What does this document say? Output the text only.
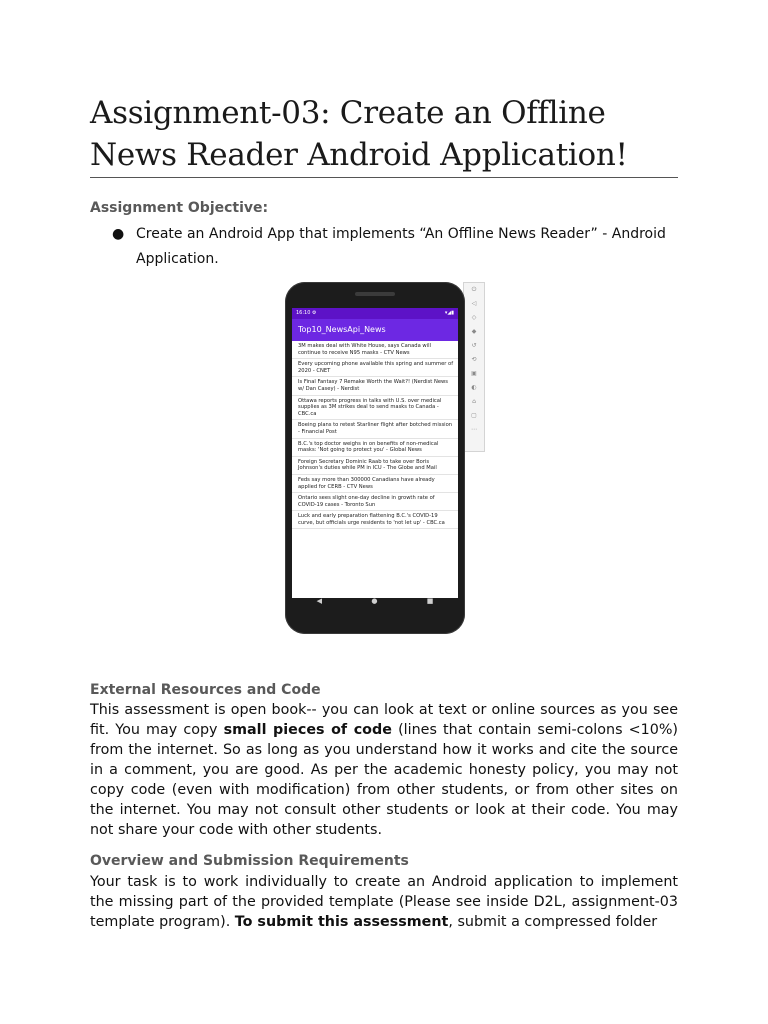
Assignment-03: Create an Offline News Reader Android Application!
Assignment Objective:
● Create an Android App that implements “An Offline News Reader” - Android Application.
⏻
◁
◇
◆
↺
⟲
▣
◐
⌂
▢
⋯
16:10 ⚙	▾◢▮
Top10_NewsApi_News
3M makes deal with White House, says Canada will continue to receive N95 masks - CTV News
Every upcoming phone available this spring and summer of 2020 - CNET
Is Final Fantasy 7 Remake Worth the Wait?! (Nerdist News w/ Dan Casey) - Nerdist
Ottawa reports progress in talks with U.S. over medical supplies as 3M strikes deal to send masks to Canada - CBC.ca
Boeing plans to retest Starliner flight after botched mission - Financial Post
B.C.'s top doctor weighs in on benefits of non-medical masks: 'Not going to protect you' - Global News
Foreign Secretary Dominic Raab to take over Boris Johnson's duties while PM in ICU - The Globe and Mail
Feds say more than 300000 Canadians have already applied for CERB - CTV News
Ontario sees slight one-day decline in growth rate of COVID-19 cases - Toronto Sun
Luck and early preparation flattening B.C.'s COVID-19 curve, but officials urge residents to 'not let up' - CBC.ca
◀	●	■
External Resources and Code

This assessment is open book-- you can look at text or online sources as you see fit. You may copy small pieces of code (lines that contain semi-colons <10%) from the internet. So as long as you understand how it works and cite the source in a comment, you are good. As per the academic honesty policy, you may not copy code (even with modification) from other students, or from other sites on the internet. You may not consult other students or look at their code. You may not share your code with other students.

Overview and Submission Requirements

Your task is to work individually to create an Android application to implement the missing part of the provided template (Please see inside D2L, assignment-03 template program). To submit this assessment, submit a compressed folder
